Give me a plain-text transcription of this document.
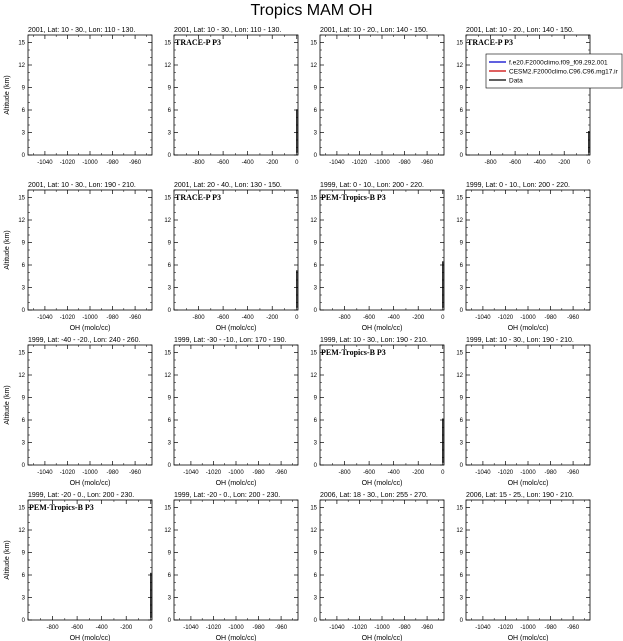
Tropics MAM OH
2001, Lat: 10 - 30., Lon: 110 - 130.
0
3
6
9
12
15
-1040 -1020 -1000 -980 -960
Altitude (km)
2001, Lat: 10 - 30., Lon: 110 - 130.
0
3
6
9
12
15
-800 -600 -400 -200	0
TRACE-P P3
2001, Lat: 10 - 20., Lon: 140 - 150.
0
3
6
9
12
15
-1040 -1020 -1000 -980 -960
2001, Lat: 10 - 20., Lon: 140 - 150.
0
3
6
9
12
15
-800 -600 -400 -200	0
TRACE-P P3
2001, Lat: 10 - 30., Lon: 190 - 210.
0
3
6
9
12
15
-1040 -1020 -1000 -980 -960
OH (molc/cc)
Altitude (km)
2001, Lat: 20 - 40., Lon: 130 - 150.
0
3
6
9
12
15
-800 -600 -400 -200	0
OH (molc/cc)
TRACE-P P3
1999, Lat: 0 - 10., Lon: 200 - 220.
0
3
6
9
12
15
-800 -600 -400 -200	0
OH (molc/cc)
PEM-Tropics-B P3
1999, Lat: 0 - 10., Lon: 200 - 220.
0
3
6
9
12
15
-1040 -1020 -1000 -980 -960
OH (molc/cc)
1999, Lat: -40 - -20., Lon: 240 - 260.
0
3
6
9
12
15
-1040 -1020 -1000 -980 -960
OH (molc/cc)
Altitude (km)
1999, Lat: -30 - -10., Lon: 170 - 190.
0
3
6
9
12
15
-1040 -1020 -1000 -980 -960
OH (molc/cc)
1999, Lat: 10 - 30., Lon: 190 - 210.
0
3
6
9
12
15
-800 -600 -400 -200	0
OH (molc/cc)
PEM-Tropics-B P3
1999, Lat: 10 - 30., Lon: 190 - 210.
0
3
6
9
12
15
-1040 -1020 -1000 -980 -960
OH (molc/cc)
1999, Lat: -20 - 0., Lon: 200 - 230.
0
3
6
9
12
15
-800 -600 -400 -200	0
OH (molc/cc)
Altitude (km)
PEM-Tropics-B P3
1999, Lat: -20 - 0., Lon: 200 - 230.
0
3
6
9
12
15
-1040 -1020 -1000 -980 -960
OH (molc/cc)
2006, Lat: 18 - 30., Lon: 255 - 270.
0
3
6
9
12
15
-1040 -1020 -1000 -980 -960
OH (molc/cc)
2006, Lat: 15 - 25., Lon: 190 - 210.
0
3
6
9
12
15
-1040 -1020 -1000 -980 -960
OH (molc/cc)
f.e20.F2000climo.f09_f09.292.001
CESM2.F2000climo.C96.C96.mg17.ir
Data
